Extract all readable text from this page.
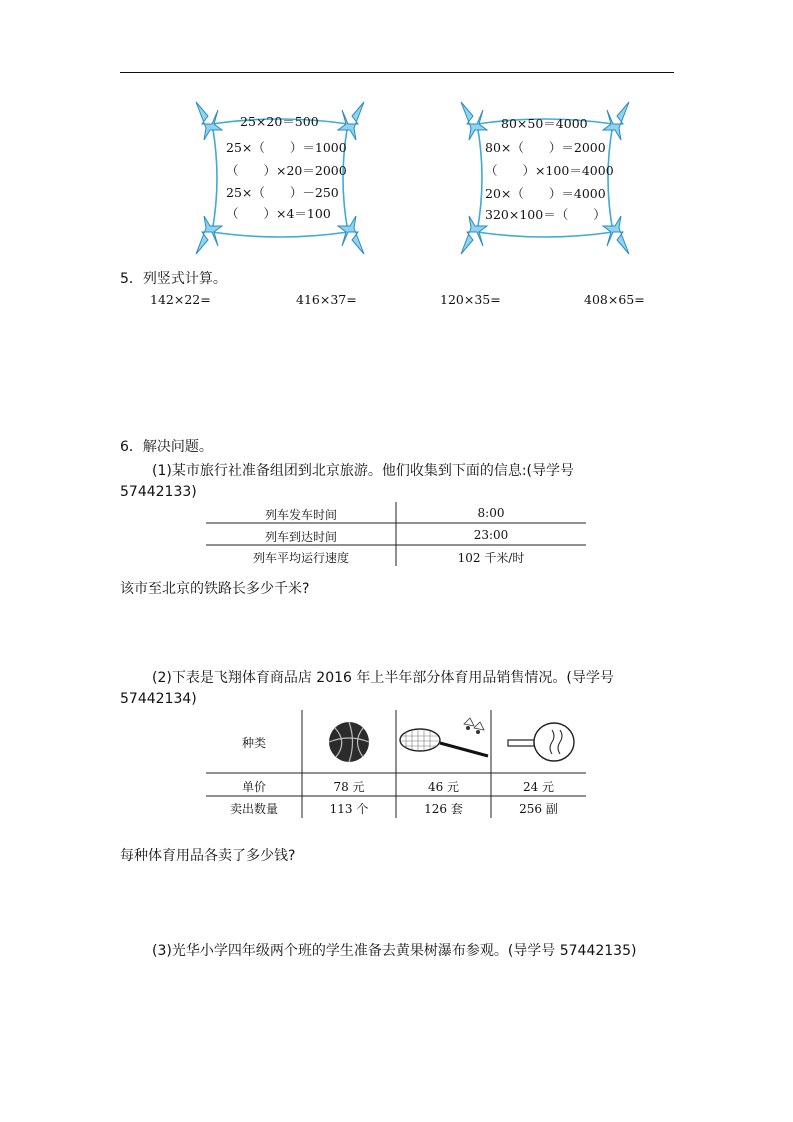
25×20＝500
25×（　　）＝1000
（　　）×20＝2000
25×（　　）－250
（　　）×4＝100
80×50＝4000
80×（　　）＝2000
（　　）×100＝4000
20×（　　）＝4000
320×100＝（　　）
5．列竖式计算。
142×22=	416×37=	120×35=	408×65=
6．解决问题。
(1)某市旅行社准备组团到北京旅游。他们收集到下面的信息:(导学号
57442133)
列车发车时间	8:00
列车到达时间	23:00
列车平均运行速度	102 千米/时
该市至北京的铁路长多少千米?
(2)下表是飞翔体育商品店 2016 年上半年部分体育用品销售情况。(导学号
57442134)
种类
单价	78 元	46 元	24 元
卖出数量	113 个	126 套	256 副
每种体育用品各卖了多少钱?
(3)光华小学四年级两个班的学生准备去黄果树瀑布参观。(导学号 57442135)
